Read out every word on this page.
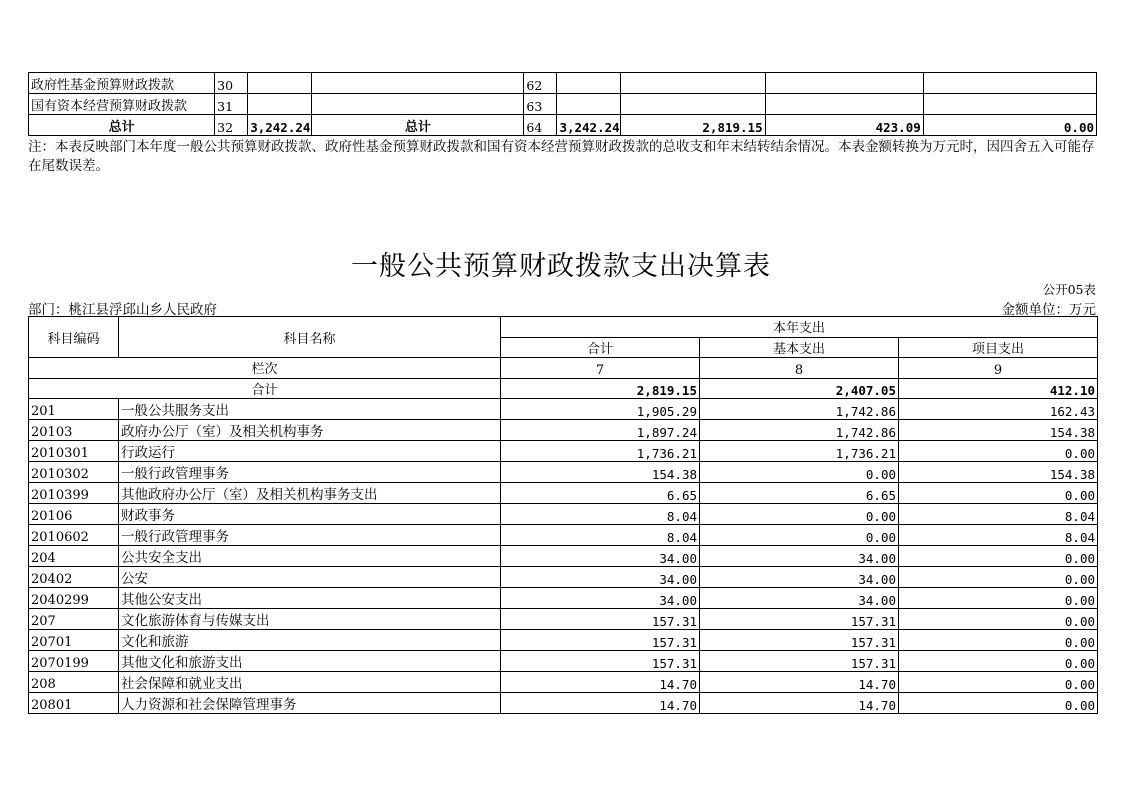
政府性基金预算财政拨款	30			62				
国有资本经营预算财政拨款	31			63				
总计	32	3,242.24	总计	64	3,242.24	2,819.15	423.09	0.00
注：本表反映部门本年度一般公共预算财政拨款、政府性基金预算财政拨款和国有资本经营预算财政拨款的总收支和年末结转结余情况。本表金额转换为万元时，因四舍五入可能存在尾数误差。
一般公共预算财政拨款支出决算表
公开05表
部门：桃江县浮邱山乡人民政府	金额单位：万元
科目编码	科目名称	本年支出		
		合计	基本支出	项目支出
栏次		7	8	9
合计		2,819.15	2,407.05	412.10
201	一般公共服务支出	1,905.29	1,742.86	162.43
20103	政府办公厅（室）及相关机构事务	1,897.24	1,742.86	154.38
2010301	行政运行	1,736.21	1,736.21	0.00
2010302	一般行政管理事务	154.38	0.00	154.38
2010399	其他政府办公厅（室）及相关机构事务支出	6.65	6.65	0.00
20106	财政事务	8.04	0.00	8.04
2010602	一般行政管理事务	8.04	0.00	8.04
204	公共安全支出	34.00	34.00	0.00
20402	公安	34.00	34.00	0.00
2040299	其他公安支出	34.00	34.00	0.00
207	文化旅游体育与传媒支出	157.31	157.31	0.00
20701	文化和旅游	157.31	157.31	0.00
2070199	其他文化和旅游支出	157.31	157.31	0.00
208	社会保障和就业支出	14.70	14.70	0.00
20801	人力资源和社会保障管理事务	14.70	14.70	0.00
